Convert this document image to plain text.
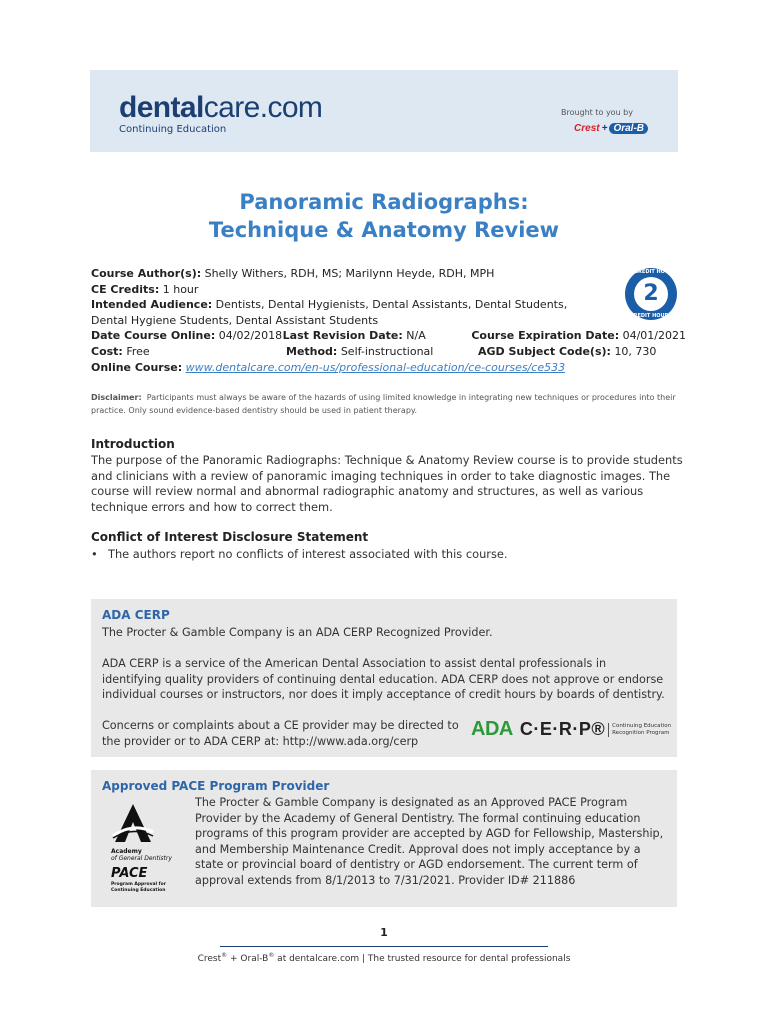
dentalcare.com
Continuing Education
Brought to you by
Crest + Oral-B
Panoramic Radiographs:
Technique & Anatomy Review
Course Author(s): Shelly Withers, RDH, MS; Marilynn Heyde, RDH, MPH
CE Credits: 1 hour
Intended Audience: Dentists, Dental Hygienists, Dental Assistants, Dental Students, Dental Hygiene Students, Dental Assistant Students
Date Course Online: 04/02/2018 Last Revision Date: N/A	Course Expiration Date: 04/01/2021
Cost: Free	Method: Self-instructional	AGD Subject Code(s): 10, 730
Online Course: www.dentalcare.com/en-us/professional-education/ce-courses/ce533
CE CREDIT HOURS
2
CREDIT HOURS
Disclaimer: Participants must always be aware of the hazards of using limited knowledge in integrating new techniques or procedures into their practice. Only sound evidence-based dentistry should be used in patient therapy.
Introduction
The purpose of the Panoramic Radiographs: Technique & Anatomy Review course is to provide students and clinicians with a review of panoramic imaging techniques in order to take diagnostic images. The course will review normal and abnormal radiographic anatomy and structures, as well as various technique errors and how to correct them.
Conflict of Interest Disclosure Statement
• The authors report no conflicts of interest associated with this course.
ADA CERP
The Procter & Gamble Company is an ADA CERP Recognized Provider.
ADA CERP is a service of the American Dental Association to assist dental professionals in identifying quality providers of continuing dental education. ADA CERP does not approve or endorse individual courses or instructors, nor does it imply acceptance of credit hours by boards of dentistry.
Concerns or complaints about a CE provider may be directed to the provider or to ADA CERP at: http://www.ada.org/cerp
ADA C·E·R·P®	Continuing Education
Recognition Program
Approved PACE Program Provider
The Procter & Gamble Company is designated as an Approved PACE Program Provider by the Academy of General Dentistry. The formal continuing education programs of this program provider are accepted by AGD for Fellowship, Mastership, and Membership Maintenance Credit. Approval does not imply acceptance by a state or provincial board of dentistry or AGD endorsement. The current term of approval extends from 8/1/2013 to 7/31/2021. Provider ID# 211886
Academy
of General Dentistry
PACE
Program Approval for
Continuing Education
1
Crest® + Oral-B® at dentalcare.com | The trusted resource for dental professionals
